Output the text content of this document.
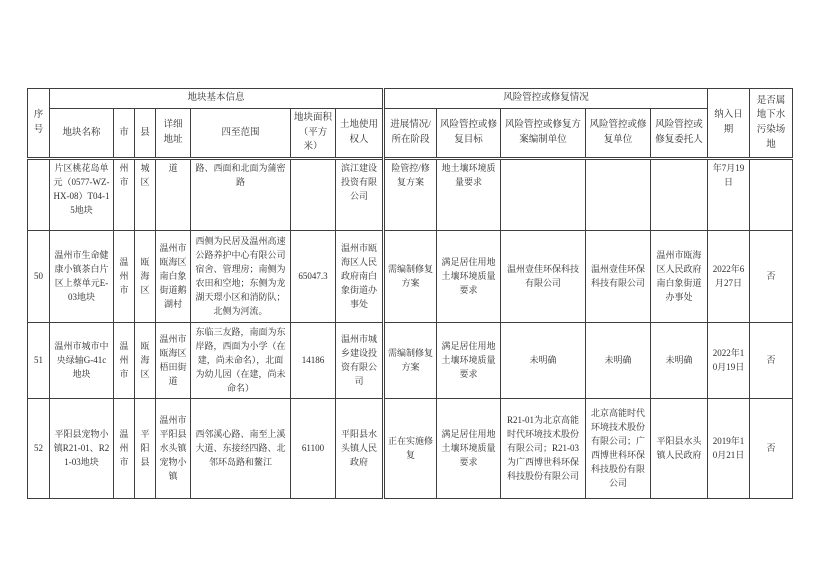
序号	地块基本信息							风险管控或修复情况					纳入日期	是否属地下水污染场地
	地块名称	市	县	详细地址	四至范围	地块面积（平方米）	土地使用权人	进展情况/所在阶段	风险管控或修复目标	风险管控或修复方案编制单位	风险管控或修复单位	风险管控或修复委托人		
	片区桃花岛单元（0577-WZ-HX-08）T04-15地块	州市	城区	道	路、西面和北面为蒲密路		滨江建设投资有限公司	险管控/修复方案	地土壤环境质量要求				年7月19日	
50	温州市生命健康小镇茶白片区上蔡单元E-03地块	温州市	瓯海区	温州市瓯海区南白象街道鹅湖村	西侧为民居及温州高速公路养护中心有限公司宿舍、管理房；南侧为农田和空地；东侧为龙湖天璟小区和消防队；北侧为河流。	65047.3	温州市瓯海区人民政府南白象街道办事处	需编制修复方案	满足居住用地土壤环境质量要求	温州壹佳环保科技有限公司	温州壹佳环保科技有限公司	温州市瓯海区人民政府南白象街道办事处	2022年6月27日	否
51	温州市城市中央绿轴G-41c地块	温州市	瓯海区	温州市瓯海区梧田街道	东临三友路，南面为东岸路，西面为小学（在建，尚未命名），北面为幼儿园（在建，尚未命名）	14186	温州市城乡建设投资有限公司	需编制修复方案	满足居住用地土壤环境质量要求	未明确	未明确	未明确	2022年10月19日	否
52	平阳县宠物小镇R21-01、R21-03地块	温州市	平阳县	温州市平阳县水头镇宠物小镇	西邻溪心路、南至上溪大道、东接经四路、北邻环岛路和鳌江	61100	平阳县水头镇人民政府	正在实施修复	满足居住用地土壤环境质量要求	R21-01为北京高能时代环境技术股份有限公司；R21-03为广西博世科环保科技股份有限公司	北京高能时代环境技术股份有限公司；广西博世科环保科技股份有限公司	平阳县水头镇人民政府	2019年10月21日	否
